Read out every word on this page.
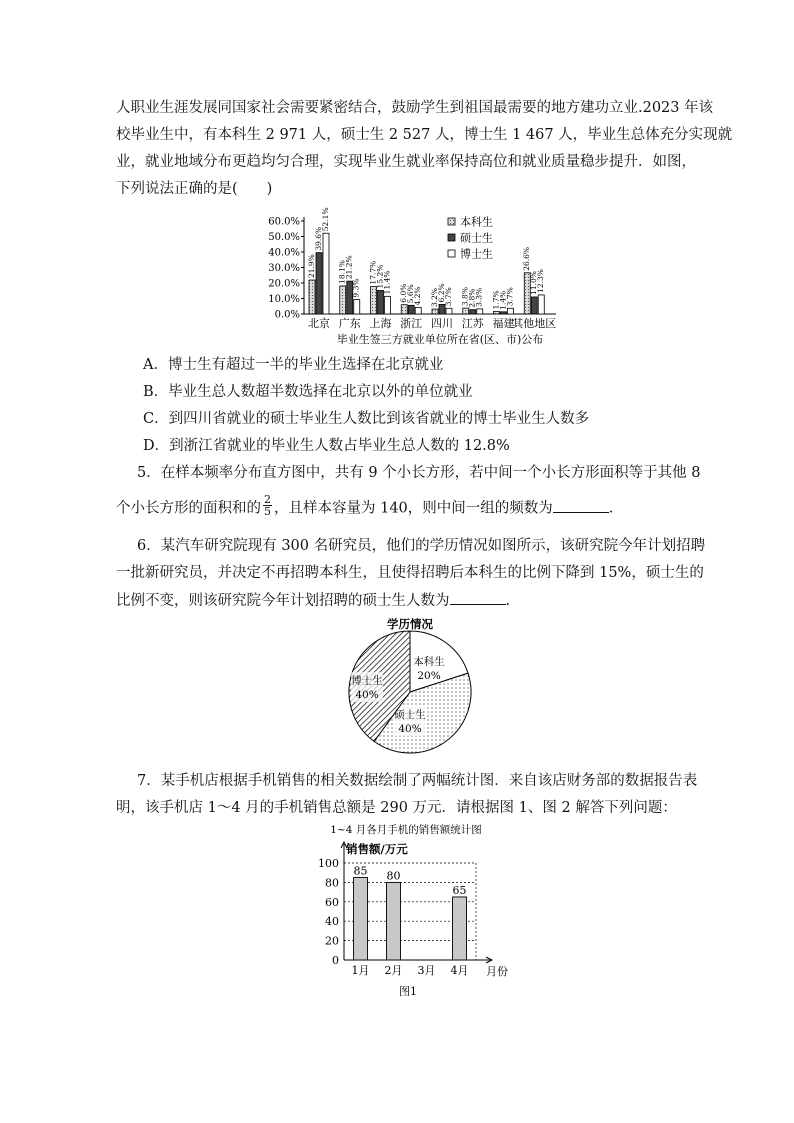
人职业生涯发展同国家社会需要紧密结合，鼓励学生到祖国最需要的地方建功立业.2023 年该
校毕业生中，有本科生 2 971 人，硕士生 2 527 人，博士生 1 467 人，毕业生总体充分实现就
业，就业地域分布更趋均匀合理，实现毕业生就业率保持高位和就业质量稳步提升．如图，
下列说法正确的是(　　)
0.0%
10.0%
20.0%
30.0%
40.0%
50.0%
60.0%
21.9%
39.6%
52.1%
北京
18.1%
21.2%
9.3%
广东
17.7%
15.2%
11.4%
上海
6.0%
5.6%
4.2%
浙江
3.2%
6.2%
3.7%
四川
3.8%
2.8%
3.3%
江苏
1.7%
1.4%
3.7%
福建
26.6%
11.0%
12.3%
其他地区
本科生
硕士生
博士生
毕业生签三方就业单位所在省(区、市)公布
A．博士生有超过一半的毕业生选择在北京就业
B．毕业生总人数超半数选择在北京以外的单位就业
C．到四川省就业的硕士毕业生人数比到该省就业的博士毕业生人数多
D．到浙江省就业的毕业生人数占毕业生总人数的 12.8%
5．在样本频率分布直方图中，共有 9 个小长方形，若中间一个小长方形面积等于其他 8
个小长方形的面积和的 $\frac{2}{5}$ ，且样本容量为 140，则中间一组的频数为	.
6．某汽车研究院现有 300 名研究员，他们的学历情况如图所示，该研究院今年计划招聘
一批新研究员，并决定不再招聘本科生，且使得招聘后本科生的比例下降到 15%，硕士生的
比例不变，则该研究院今年计划招聘的硕士生人数为	.
学历情况
本科生
20%
硕士生
40%
博士生
40%
7．某手机店根据手机销售的相关数据绘制了两幅统计图．来自该店财务部的数据报告表
明，该手机店 1～4 月的手机销售总额是 290 万元．请根据图 1、图 2 解答下列问题：
1~4 月各月手机的销售额统计图
销售额/万元
0
20
40
60
80
100
85
1月
80
2月 3月
65
4月 月份
图1
